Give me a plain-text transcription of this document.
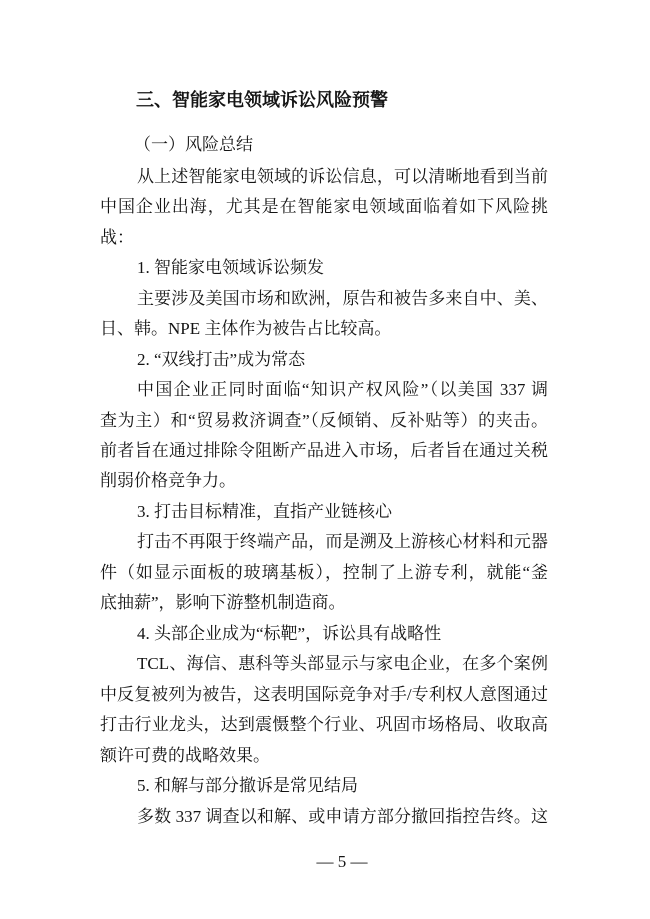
三、智能家电领域诉讼风险预警
（一）风险总结
从上述智能家电领域的诉讼信息，可以清晰地看到当前
中国企业出海，尤其是在智能家电领域面临着如下风险挑
战：
1. 智能家电领域诉讼频发
主要涉及美国市场和欧洲，原告和被告多来自中、美、
日、韩。NPE 主体作为被告占比较高。
2. “双线打击”成为常态
中国企业正同时面临“知识产权风险”（以美国 337 调
查为主）和“贸易救济调查”（反倾销、反补贴等）的夹击。
前者旨在通过排除令阻断产品进入市场，后者旨在通过关税
削弱价格竞争力。
3. 打击目标精准，直指产业链核心
打击不再限于终端产品，而是溯及上游核心材料和元器
件（如显示面板的玻璃基板），控制了上游专利，就能“釜
底抽薪”，影响下游整机制造商。
4. 头部企业成为“标靶”，诉讼具有战略性
TCL、海信、惠科等头部显示与家电企业，在多个案例
中反复被列为被告，这表明国际竞争对手/专利权人意图通过
打击行业龙头，达到震慑整个行业、巩固市场格局、收取高
额许可费的战略效果。
5. 和解与部分撤诉是常见结局
多数 337 调查以和解、或申请方部分撤回指控告终。这
— 5 —
